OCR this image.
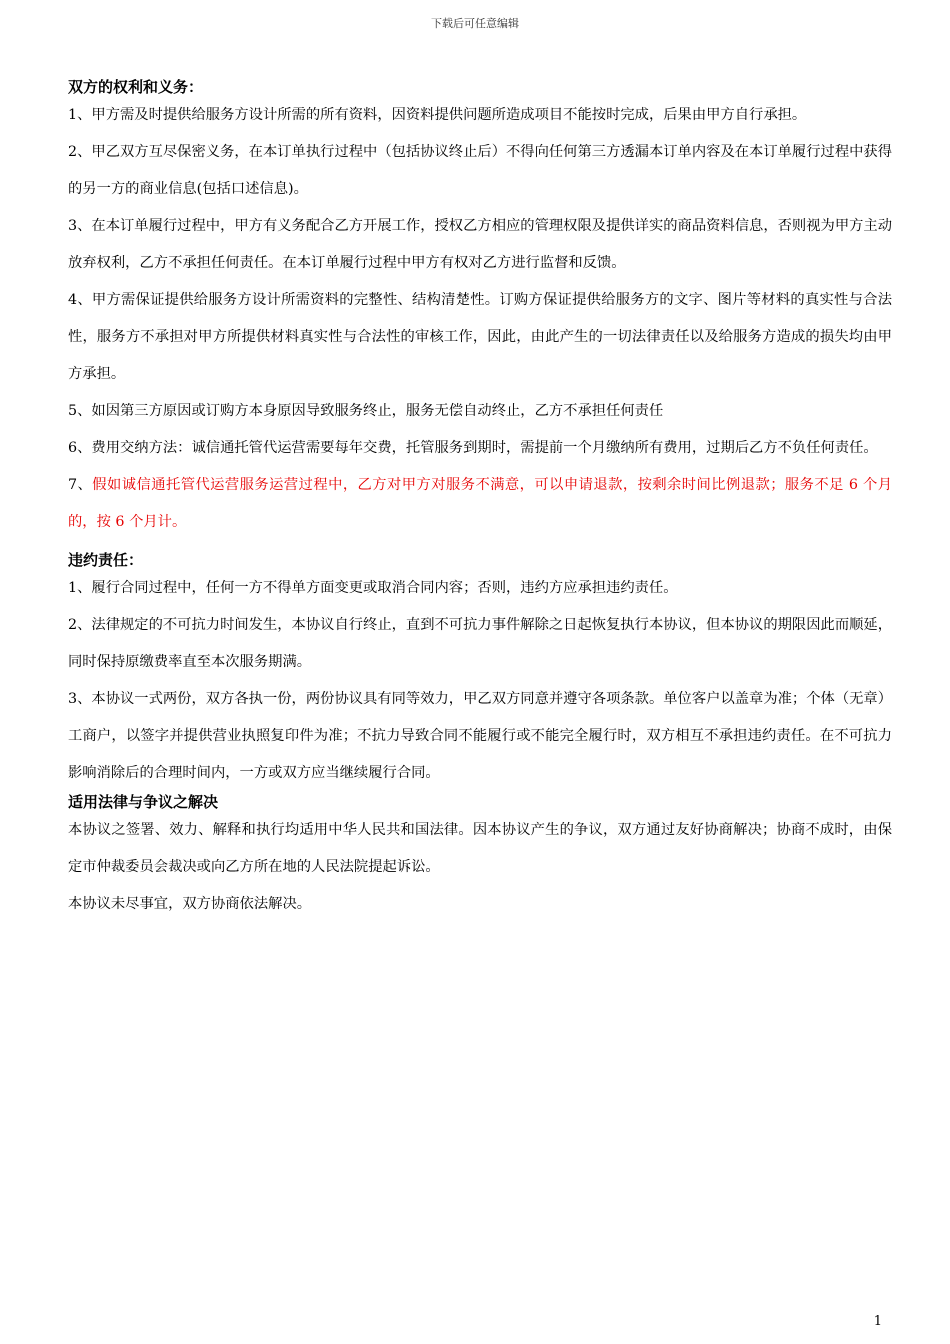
下载后可任意编辑

双方的权利和义务：

1、甲方需及时提供给服务方设计所需的所有资料，因资料提供问题所造成项目不能按时完成，后果由甲方自行承担。

2、甲乙双方互尽保密义务，在本订单执行过程中（包括协议终止后）不得向任何第三方透漏本订单内容及在本订单履行过程中获得的另一方的商业信息(包括口述信息)。

3、在本订单履行过程中，甲方有义务配合乙方开展工作，授权乙方相应的管理权限及提供详实的商品资料信息，否则视为甲方主动放弃权利，乙方不承担任何责任。在本订单履行过程中甲方有权对乙方进行监督和反馈。

4、甲方需保证提供给服务方设计所需资料的完整性、结构清楚性。订购方保证提供给服务方的文字、图片等材料的真实性与合法性，服务方不承担对甲方所提供材料真实性与合法性的审核工作，因此，由此产生的一切法律责任以及给服务方造成的损失均由甲方承担。

5、如因第三方原因或订购方本身原因导致服务终止，服务无偿自动终止，乙方不承担任何责任

6、费用交纳方法：诚信通托管代运营需要每年交费，托管服务到期时，需提前一个月缴纳所有费用，过期后乙方不负任何责任。

7、假如诚信通托管代运营服务运营过程中，乙方对甲方对服务不满意，可以申请退款，按剩余时间比例退款；服务不足 6 个月的，按 6 个月计。

违约责任：

1、履行合同过程中，任何一方不得单方面变更或取消合同内容；否则，违约方应承担违约责任。

2、法律规定的不可抗力时间发生，本协议自行终止，直到不可抗力事件解除之日起恢复执行本协议，但本协议的期限因此而顺延，同时保持原缴费率直至本次服务期满。

3、本协议一式两份，双方各执一份，两份协议具有同等效力，甲乙双方同意并遵守各项条款。单位客户以盖章为准；个体（无章）工商户，以签字并提供营业执照复印件为准；不抗力导致合同不能履行或不能完全履行时，双方相互不承担违约责任。在不可抗力影响消除后的合理时间内，一方或双方应当继续履行合同。

适用法律与争议之解决

本协议之签署、效力、解释和执行均适用中华人民共和国法律。因本协议产生的争议，双方通过友好协商解决；协商不成时，由保定市仲裁委员会裁决或向乙方所在地的人民法院提起诉讼。

本协议未尽事宜，双方协商依法解决。

1
